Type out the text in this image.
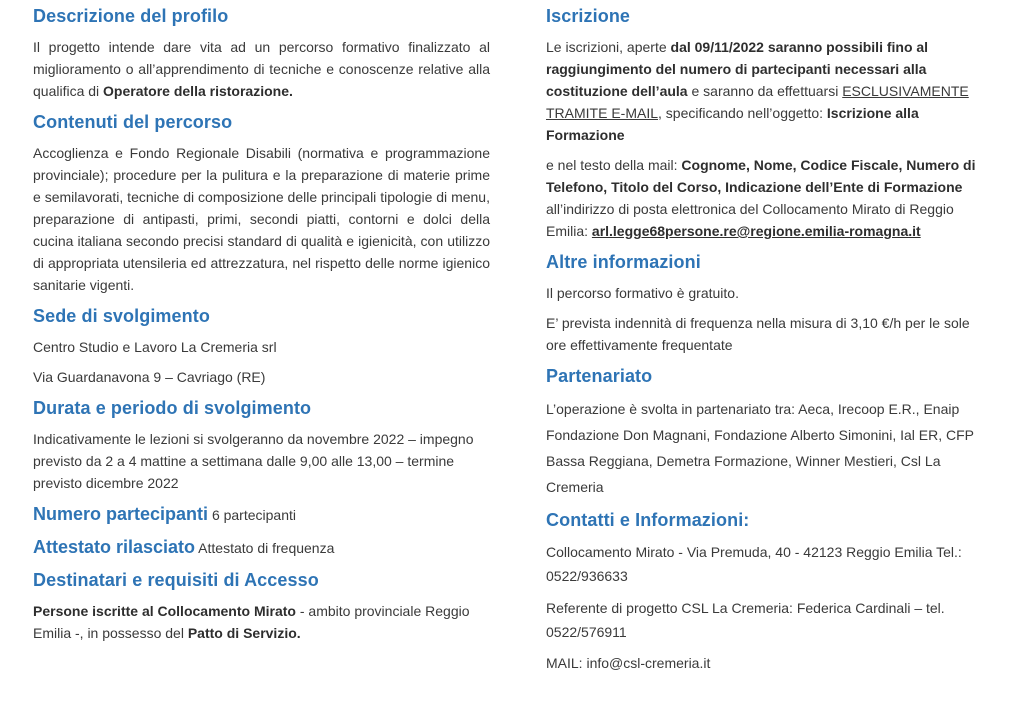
Descrizione del profilo

Il progetto intende dare vita ad un percorso formativo finalizzato al miglioramento o all’apprendimento di tecniche e conoscenze relative alla qualifica di Operatore della ristorazione.

Contenuti del percorso

Accoglienza e Fondo Regionale Disabili (normativa e programmazione provinciale); procedure per la pulitura e la preparazione di materie prime e semilavorati, tecniche di composizione delle principali tipologie di menu, preparazione di antipasti, primi, secondi piatti, contorni e dolci della cucina italiana secondo precisi standard di qualità e igienicità, con utilizzo di appropriata utensileria ed attrezzatura, nel rispetto delle norme igienico sanitarie vigenti.

Sede di svolgimento

Centro Studio e Lavoro La Cremeria srl

Via Guardanavona 9 – Cavriago (RE)

Durata e periodo di svolgimento

Indicativamente le lezioni si svolgeranno da novembre 2022 – impegno previsto da 2 a 4 mattine a settimana dalle 9,00 alle 13,00 – termine previsto dicembre 2022

Numero partecipanti 6 partecipanti

Attestato rilasciato Attestato di frequenza

Destinatari e requisiti di Accesso

Persone iscritte al Collocamento Mirato - ambito provinciale Reggio Emilia -, in possesso del Patto di Servizio.

Iscrizione

Le iscrizioni, aperte dal 09/11/2022 saranno possibili fino al raggiungimento del numero di partecipanti necessari alla costituzione dell’aula e saranno da effettuarsi ESCLUSIVAMENTE TRAMITE E-MAIL, specificando nell’oggetto: Iscrizione alla Formazione

e nel testo della mail: Cognome, Nome, Codice Fiscale, Numero di Telefono, Titolo del Corso, Indicazione dell’Ente di Formazione all’indirizzo di posta elettronica del Collocamento Mirato di Reggio Emilia: arl.legge68persone.re@regione.emilia-romagna.it

Altre informazioni

Il percorso formativo è gratuito.

E’ prevista indennità di frequenza nella misura di 3,10 €/h per le sole ore effettivamente frequentate

Partenariato

L’operazione è svolta in partenariato tra: Aeca, Irecoop E.R., Enaip Fondazione Don Magnani, Fondazione Alberto Simonini, Ial ER, CFP Bassa Reggiana, Demetra Formazione, Winner Mestieri, Csl La Cremeria

Contatti e Informazioni:

Collocamento Mirato - Via Premuda, 40 - 42123 Reggio Emilia Tel.: 0522/936633

Referente di progetto CSL La Cremeria: Federica Cardinali – tel. 0522/576911

MAIL: info@csl-cremeria.it
